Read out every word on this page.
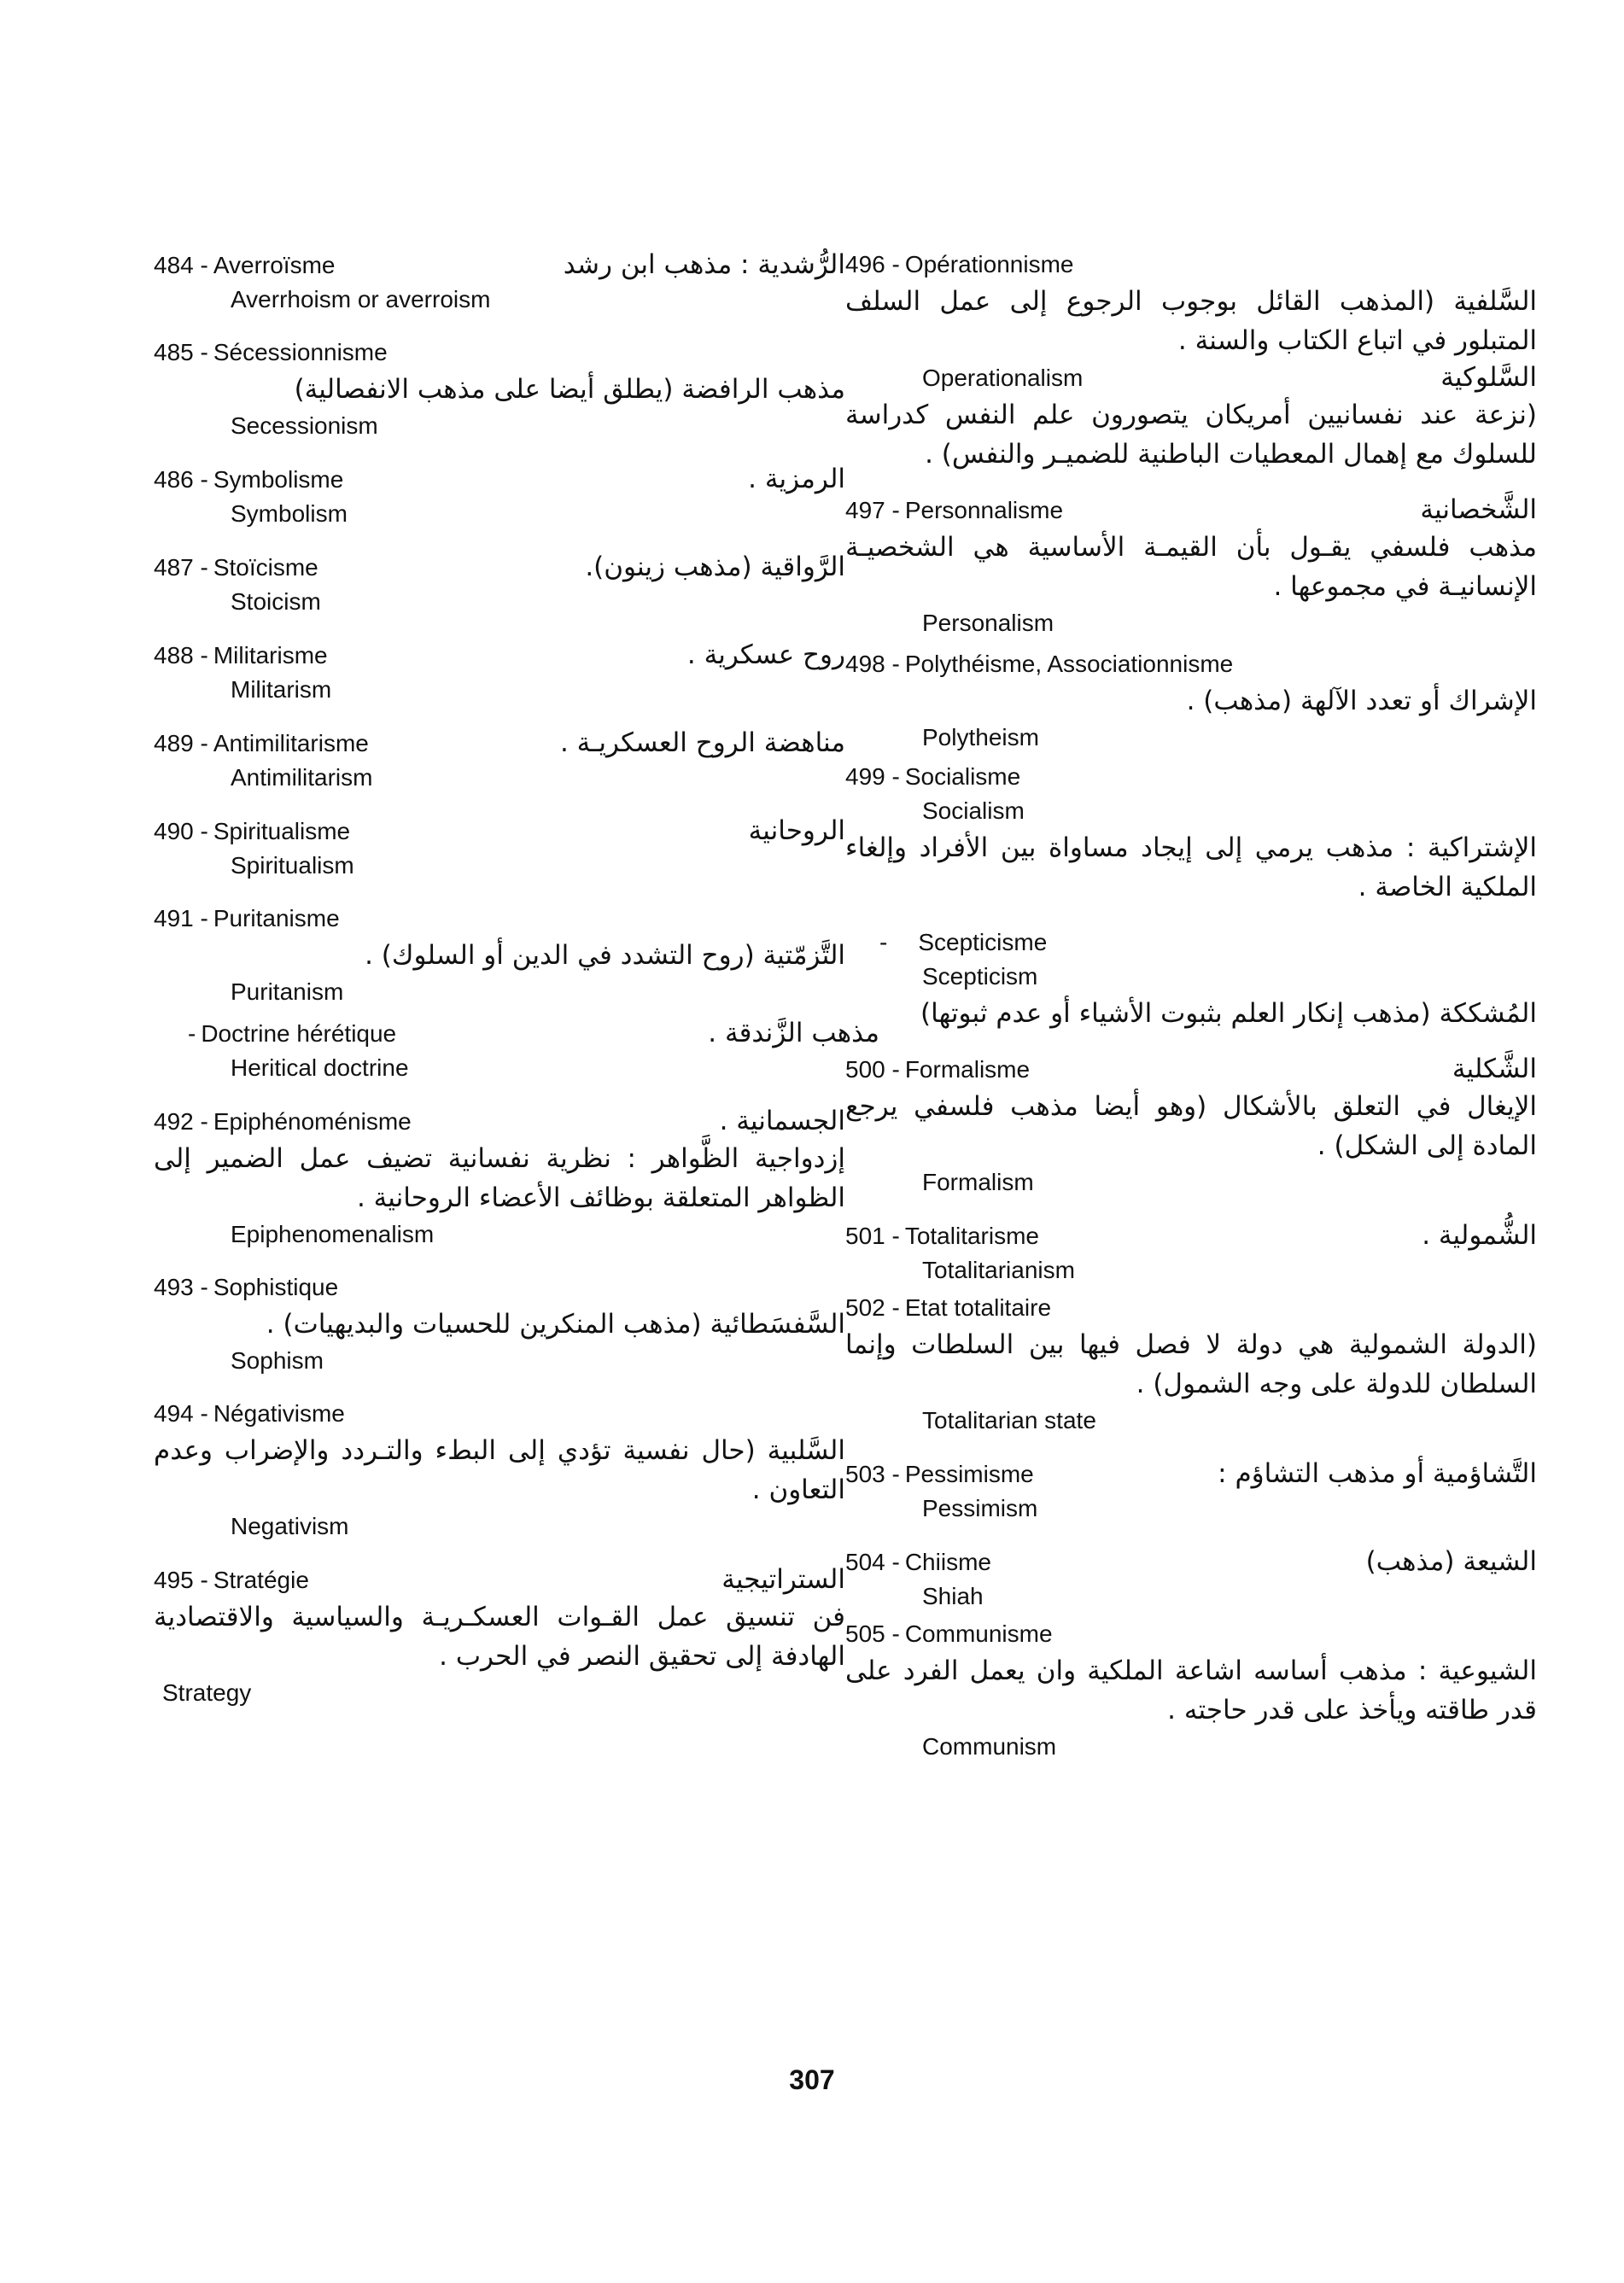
484 - Averroïsme	الرُّشدية : مذهب ابن رشد
Averrhoism or averroism
485 - Sécessionnisme
مذهب الرافضة (يطلق أيضا على مذهب الانفصالية)
Secessionism
486 - Symbolisme	الرمزية .
Symbolism
487 - Stoïcisme	الرَّواقية (مذهب زينون).
Stoicism
488 - Militarisme	روح عسكرية .
Militarism
489 - Antimilitarisme	مناهضة الروح العسكريـة .
Antimilitarism
490 - Spiritualisme	الروحانية
Spiritualism
491 - Puritanisme
التَّزمّتية (روح التشدد في الدين أو السلوك) .
Puritanism
- Doctrine hérétique	مذهب الزَّندقة .
Heritical doctrine
492 - Epiphénoménisme	الجسمانية .
إزدواجية الظَّواهر : نظرية نفسانية تضيف عمل الضمير إلى الظواهر المتعلقة بوظائف الأعضاء الروحانية .
Epiphenomenalism
493 - Sophistique
السَّفسَطائية (مذهب المنكرين للحسيات والبديهيات) .
Sophism
494 - Négativisme
السَّلبية (حال نفسية تؤدي إلى البطء والتـردد والإضراب وعدم التعاون .
Negativism
495 - Stratégie	الستراتيجية
فن تنسيق عمل القـوات العسكـريـة والسياسية والاقتصادية الهادفة إلى تحقيق النصر في الحرب .
Strategy
496 - Opérationnisme
السَّلفية (المذهب القائل بوجوب الرجوع إلى عمل السلف المتبلور في اتباع الكتاب والسنة .
Operationalism	السَّلوكية
(نزعة عند نفسانيين أمريكان يتصورون علم النفس كدراسة للسلوك مع إهمال المعطيات الباطنية للضميـر والنفس) .
497 - Personnalisme	الشَّخصانية
مذهب فلسفي يقـول بأن القيمـة الأساسية هي الشخصيـة الإنسانيـة في مجموعها .
Personalism
498 - Polythéisme, Associationnisme
الإشراك أو تعدد الآلهة (مذهب) .
Polytheism
499 - Socialisme
Socialism
الإشتراكية : مذهب يرمي إلى إيجاد مساواة بين الأفراد وإلغاء الملكية الخاصة .
-	Scepticisme
Scepticism
المُشككة (مذهب إنكار العلم بثبوت الأشياء أو عدم ثبوتها)
500 - Formalisme	الشَّكلية
الإيغال في التعلق بالأشكال (وهو أيضا مذهب فلسفي يرجع المادة إلى الشكل) .
Formalism
501 - Totalitarisme	الشُّمولية .
Totalitarianism
502 - Etat totalitaire
(الدولة الشمولية هي دولة لا فصل فيها بين السلطات وإنما السلطان للدولة على وجه الشمول) .
Totalitarian state
503 - Pessimisme	التَّشاؤمية أو مذهب التشاؤم :
Pessimism
504 - Chiisme	الشيعة (مذهب)
Shiah
505 - Communisme
الشيوعية : مذهب أساسه اشاعة الملكية وان يعمل الفرد على قدر طاقته ويأخذ على قدر حاجته .
Communism
307
